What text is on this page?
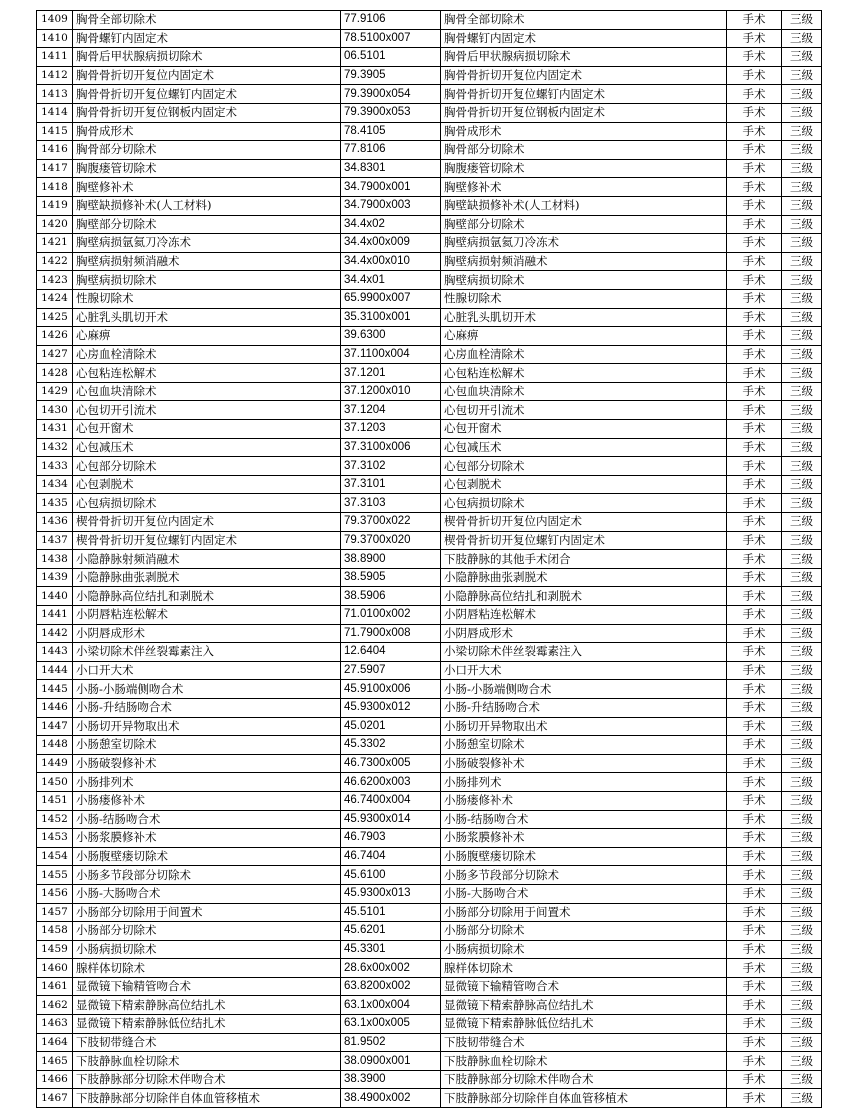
1409	胸骨全部切除术	77.9106	胸骨全部切除术	手术	三级
1410	胸骨螺钉内固定术	78.5100x007	胸骨螺钉内固定术	手术	三级
1411	胸骨后甲状腺病损切除术	06.5101	胸骨后甲状腺病损切除术	手术	三级
1412	胸骨骨折切开复位内固定术	79.3905	胸骨骨折切开复位内固定术	手术	三级
1413	胸骨骨折切开复位螺钉内固定术	79.3900x054	胸骨骨折切开复位螺钉内固定术	手术	三级
1414	胸骨骨折切开复位钢板内固定术	79.3900x053	胸骨骨折切开复位钢板内固定术	手术	三级
1415	胸骨成形术	78.4105	胸骨成形术	手术	三级
1416	胸骨部分切除术	77.8106	胸骨部分切除术	手术	三级
1417	胸腹瘘管切除术	34.8301	胸腹瘘管切除术	手术	三级
1418	胸壁修补术	34.7900x001	胸壁修补术	手术	三级
1419	胸壁缺损修补术(人工材料)	34.7900x003	胸壁缺损修补术(人工材料)	手术	三级
1420	胸壁部分切除术	34.4x02	胸壁部分切除术	手术	三级
1421	胸壁病损氩氦刀冷冻术	34.4x00x009	胸壁病损氩氦刀冷冻术	手术	三级
1422	胸壁病损射频消融术	34.4x00x010	胸壁病损射频消融术	手术	三级
1423	胸壁病损切除术	34.4x01	胸壁病损切除术	手术	三级
1424	性腺切除术	65.9900x007	性腺切除术	手术	三级
1425	心脏乳头肌切开术	35.3100x001	心脏乳头肌切开术	手术	三级
1426	心麻痹	39.6300	心麻痹	手术	三级
1427	心房血栓清除术	37.1100x004	心房血栓清除术	手术	三级
1428	心包粘连松解术	37.1201	心包粘连松解术	手术	三级
1429	心包血块清除术	37.1200x010	心包血块清除术	手术	三级
1430	心包切开引流术	37.1204	心包切开引流术	手术	三级
1431	心包开窗术	37.1203	心包开窗术	手术	三级
1432	心包减压术	37.3100x006	心包减压术	手术	三级
1433	心包部分切除术	37.3102	心包部分切除术	手术	三级
1434	心包剥脱术	37.3101	心包剥脱术	手术	三级
1435	心包病损切除术	37.3103	心包病损切除术	手术	三级
1436	楔骨骨折切开复位内固定术	79.3700x022	楔骨骨折切开复位内固定术	手术	三级
1437	楔骨骨折切开复位螺钉内固定术	79.3700x020	楔骨骨折切开复位螺钉内固定术	手术	三级
1438	小隐静脉射频消融术	38.8900	下肢静脉的其他手术闭合	手术	三级
1439	小隐静脉曲张剥脱术	38.5905	小隐静脉曲张剥脱术	手术	三级
1440	小隐静脉高位结扎和剥脱术	38.5906	小隐静脉高位结扎和剥脱术	手术	三级
1441	小阴唇粘连松解术	71.0100x002	小阴唇粘连松解术	手术	三级
1442	小阴唇成形术	71.7900x008	小阴唇成形术	手术	三级
1443	小梁切除术伴丝裂霉素注入	12.6404	小梁切除术伴丝裂霉素注入	手术	三级
1444	小口开大术	27.5907	小口开大术	手术	三级
1445	小肠-小肠端侧吻合术	45.9100x006	小肠-小肠端侧吻合术	手术	三级
1446	小肠-升结肠吻合术	45.9300x012	小肠-升结肠吻合术	手术	三级
1447	小肠切开异物取出术	45.0201	小肠切开异物取出术	手术	三级
1448	小肠憩室切除术	45.3302	小肠憩室切除术	手术	三级
1449	小肠破裂修补术	46.7300x005	小肠破裂修补术	手术	三级
1450	小肠排列术	46.6200x003	小肠排列术	手术	三级
1451	小肠瘘修补术	46.7400x004	小肠瘘修补术	手术	三级
1452	小肠-结肠吻合术	45.9300x014	小肠-结肠吻合术	手术	三级
1453	小肠浆膜修补术	46.7903	小肠浆膜修补术	手术	三级
1454	小肠腹壁瘘切除术	46.7404	小肠腹壁瘘切除术	手术	三级
1455	小肠多节段部分切除术	45.6100	小肠多节段部分切除术	手术	三级
1456	小肠-大肠吻合术	45.9300x013	小肠-大肠吻合术	手术	三级
1457	小肠部分切除用于间置术	45.5101	小肠部分切除用于间置术	手术	三级
1458	小肠部分切除术	45.6201	小肠部分切除术	手术	三级
1459	小肠病损切除术	45.3301	小肠病损切除术	手术	三级
1460	腺样体切除术	28.6x00x002	腺样体切除术	手术	三级
1461	显微镜下输精管吻合术	63.8200x002	显微镜下输精管吻合术	手术	三级
1462	显微镜下精索静脉高位结扎术	63.1x00x004	显微镜下精索静脉高位结扎术	手术	三级
1463	显微镜下精索静脉低位结扎术	63.1x00x005	显微镜下精索静脉低位结扎术	手术	三级
1464	下肢韧带缝合术	81.9502	下肢韧带缝合术	手术	三级
1465	下肢静脉血栓切除术	38.0900x001	下肢静脉血栓切除术	手术	三级
1466	下肢静脉部分切除术伴吻合术	38.3900	下肢静脉部分切除术伴吻合术	手术	三级
1467	下肢静脉部分切除伴自体血管移植术	38.4900x002	下肢静脉部分切除伴自体血管移植术	手术	三级
